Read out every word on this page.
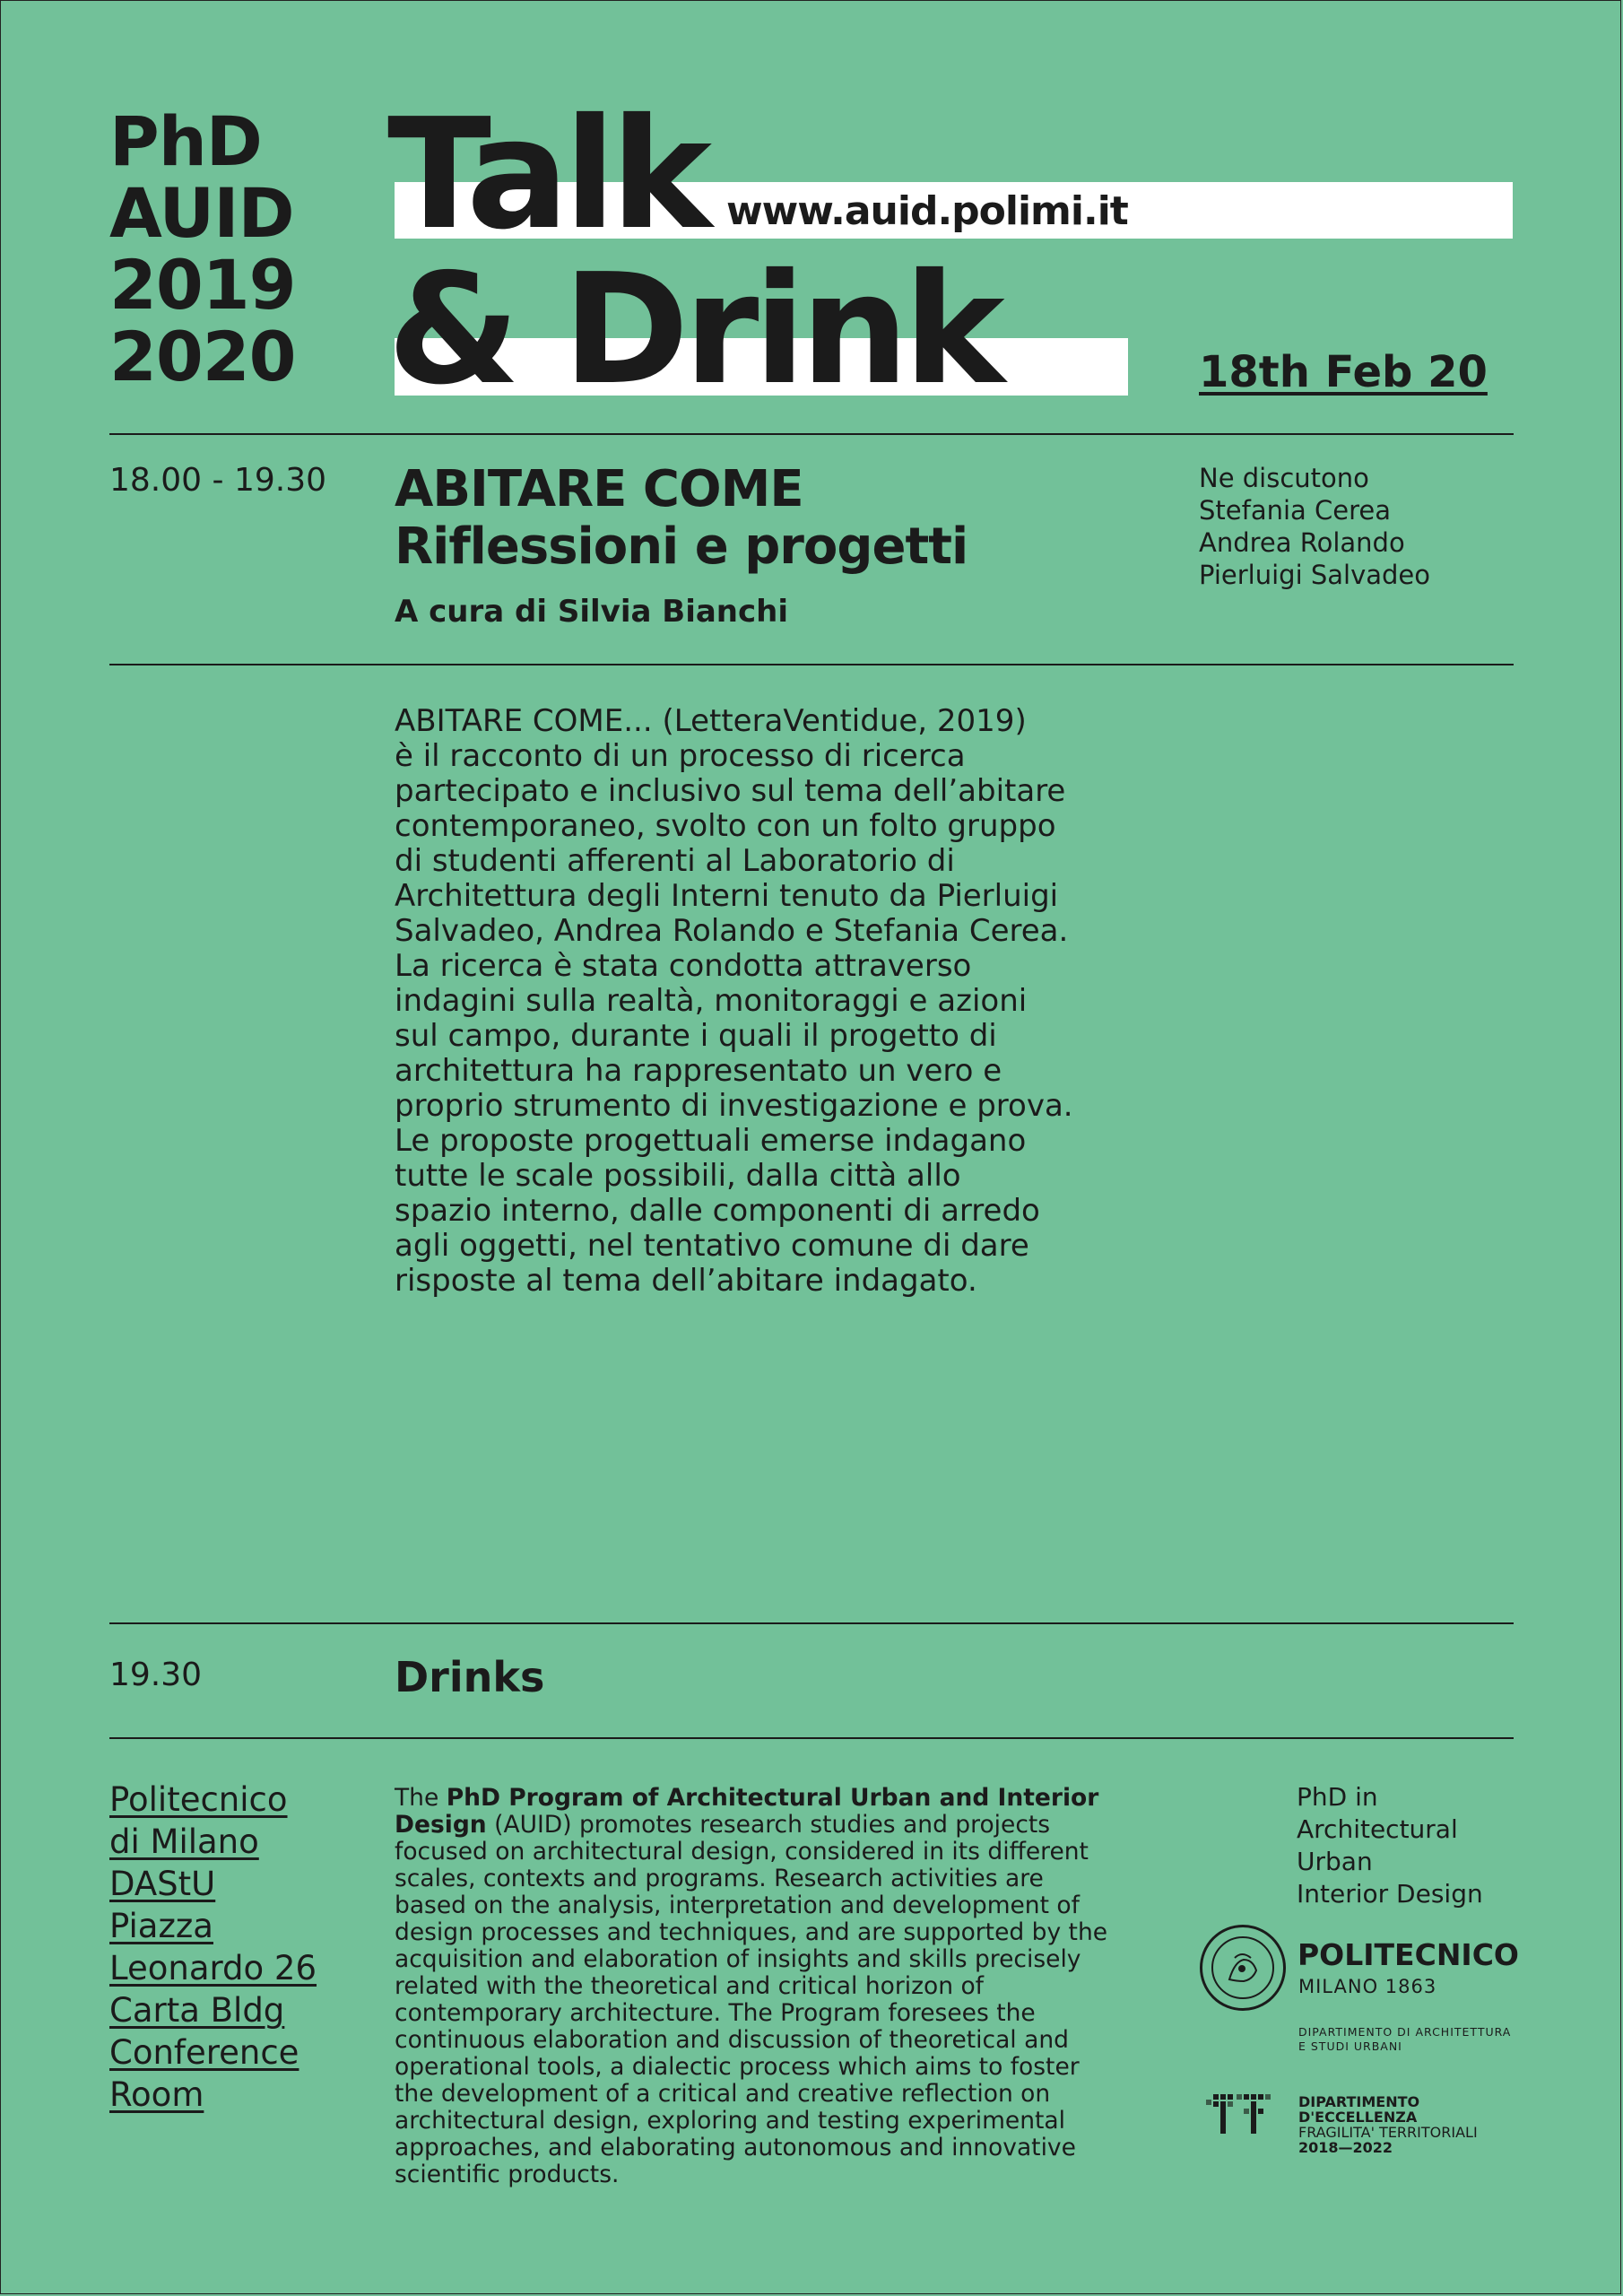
PhD
AUID
2019
2020
Talk
& Drink
www.auid.polimi.it
18th Feb 20
18.00 - 19.30 ABITARE COME
Riflessioni e progetti
A cura di Silvia Bianchi
Ne discutono
Stefania Cerea
Andrea Rolando
Pierluigi Salvadeo
ABITARE COME... (LetteraVentidue, 2019)
è il racconto di un processo di ricerca
partecipato e inclusivo sul tema dell’abitare
contemporaneo, svolto con un folto gruppo
di studenti afferenti al Laboratorio di
Architettura degli Interni tenuto da Pierluigi
Salvadeo, Andrea Rolando e Stefania Cerea.
La ricerca è stata condotta attraverso
indagini sulla realtà, monitoraggi e azioni
sul campo, durante i quali il progetto di
architettura ha rappresentato un vero e
proprio strumento di investigazione e prova.
Le proposte progettuali emerse indagano
tutte le scale possibili, dalla città allo
spazio interno, dalle componenti di arredo
agli oggetti, nel tentativo comune di dare
risposte al tema dell’abitare indagato.
19.30	Drinks
Politecnico
di Milano
DAStU
Piazza
Leonardo 26
Carta Bldg
Conference
Room
The PhD Program of Architectural Urban and Interior Design (AUID) promotes research studies and projects focused on architectural design, considered in its different scales, contexts and programs. Research activities are based on the analysis, interpretation and development of design processes and techniques, and are supported by the acquisition and elaboration of insights and skills precisely related with the theoretical and critical horizon of contemporary architecture. The Program foresees the continuous elaboration and discussion of theoretical and operational tools, a dialectic process which aims to foster the development of a critical and creative reflection on architectural design, exploring and testing experimental approaches, and elaborating autonomous and innovative scientific products.
PhD in
Architectural
Urban
Interior Design
POLITECNICO
MILANO 1863
DIPARTIMENTO DI ARCHITETTURA
E STUDI URBANI
DIPARTIMENTO
D'ECCELLENZA
FRAGILITA' TERRITORIALI
2018—2022
